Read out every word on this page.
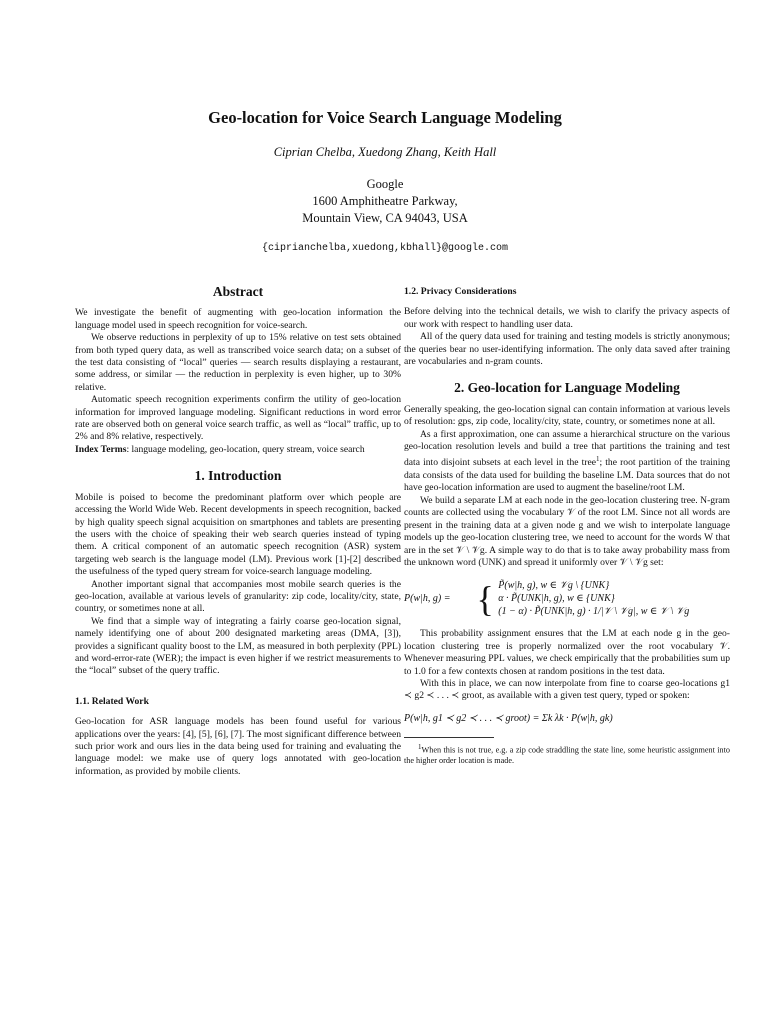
Geo-location for Voice Search Language Modeling
Ciprian Chelba, Xuedong Zhang, Keith Hall
Google
1600 Amphitheatre Parkway,
Mountain View, CA 94043, USA
{ciprianchelba,xuedong,kbhall}@google.com
Abstract

We investigate the benefit of augmenting with geo-location information the language model used in speech recognition for voice-search.

We observe reductions in perplexity of up to 15% relative on test sets obtained from both typed query data, as well as transcribed voice search data; on a subset of the test data consisting of “local” queries — search results displaying a restaurant, some address, or similar — the reduction in perplexity is even higher, up to 30% relative.

Automatic speech recognition experiments confirm the utility of geo-location information for improved language modeling. Significant reductions in word error rate are observed both on general voice search traffic, as well as “local” traffic, up to 2% and 8% relative, respectively.

Index Terms: language modeling, geo-location, query stream, voice search

1. Introduction

Mobile is poised to become the predominant platform over which people are accessing the World Wide Web. Recent developments in speech recognition, backed by high quality speech signal acquisition on smartphones and tablets are presenting the users with the choice of speaking their web search queries instead of typing them. A critical component of an automatic speech recognition (ASR) system targeting web search is the language model (LM). Previous work [1]-[2] described the usefulness of the typed query stream for voice-search language modeling.

Another important signal that accompanies most mobile search queries is the geo-location, available at various levels of granularity: zip code, locality/city, state, country, or sometimes none at all.

We find that a simple way of integrating a fairly coarse geo-location signal, namely identifying one of about 200 designated marketing areas (DMA, [3]), provides a significant quality boost to the LM, as measured in both perplexity (PPL) and word-error-rate (WER); the impact is even higher if we restrict measurements to the “local” subset of the query traffic.

1.1. Related Work

Geo-location for ASR language models has been found useful for various applications over the years: [4], [5], [6], [7]. The most significant difference between such prior work and ours lies in the data being used for training and evaluating the language model: we make use of query logs annotated with geo-location information, as provided by mobile clients.

1.2. Privacy Considerations

Before delving into the technical details, we wish to clarify the privacy aspects of our work with respect to handling user data.

All of the query data used for training and testing models is strictly anonymous; the queries bear no user-identifying information. The only data saved after training are vocabularies and n-gram counts.

2. Geo-location for Language Modeling

Generally speaking, the geo-location signal can contain information at various levels of resolution: gps, zip code, locality/city, state, country, or sometimes none at all.

As a first approximation, one can assume a hierarchical structure on the various geo-location resolution levels and build a tree that partitions the training and test data into disjoint subsets at each level in the tree$^1$; the root partition of the training data consists of the data used for building the baseline LM. Data sources that do not have geo-location information are used to augment the baseline/root LM.

We build a separate LM at each node in the geo-location clustering tree. N-gram counts are collected using the vocabulary 𝒱 of the root LM. Since not all words are present in the training data at a given node g and we wish to interpolate language models up the geo-location clustering tree, we need to account for the words W that are in the set 𝒱 \ 𝒱g. A simple way to do that is to take away probability mass from the unknown word (UNK) and spread it uniformly over 𝒱 \ 𝒱g set:

P(w|h, g) = { P̃(w|h, g), w ∈ 𝒱g \ {UNK}
α · P̃(UNK|h, g), w ∈ {UNK}
(1 − α) · P̃(UNK|h, g) · 1/|𝒱 \ 𝒱g|, w ∈ 𝒱 \ 𝒱g

This probability assignment ensures that the LM at each node g in the geo-location clustering tree is properly normalized over the root vocabulary 𝒱. Whenever measuring PPL values, we check empirically that the probabilities sum up to 1.0 for a few contexts chosen at random positions in the test data.

With this in place, we can now interpolate from fine to coarse geo-locations g1 ≺ g2 ≺ . . . ≺ groot, as available with a given test query, typed or spoken:

P(w|h, g1 ≺ g2 ≺ . . . ≺ groot) = Σk λk · P(w|h, gk)
$^1$When this is not true, e.g. a zip code straddling the state line, some heuristic assignment into the higher order location is made.
